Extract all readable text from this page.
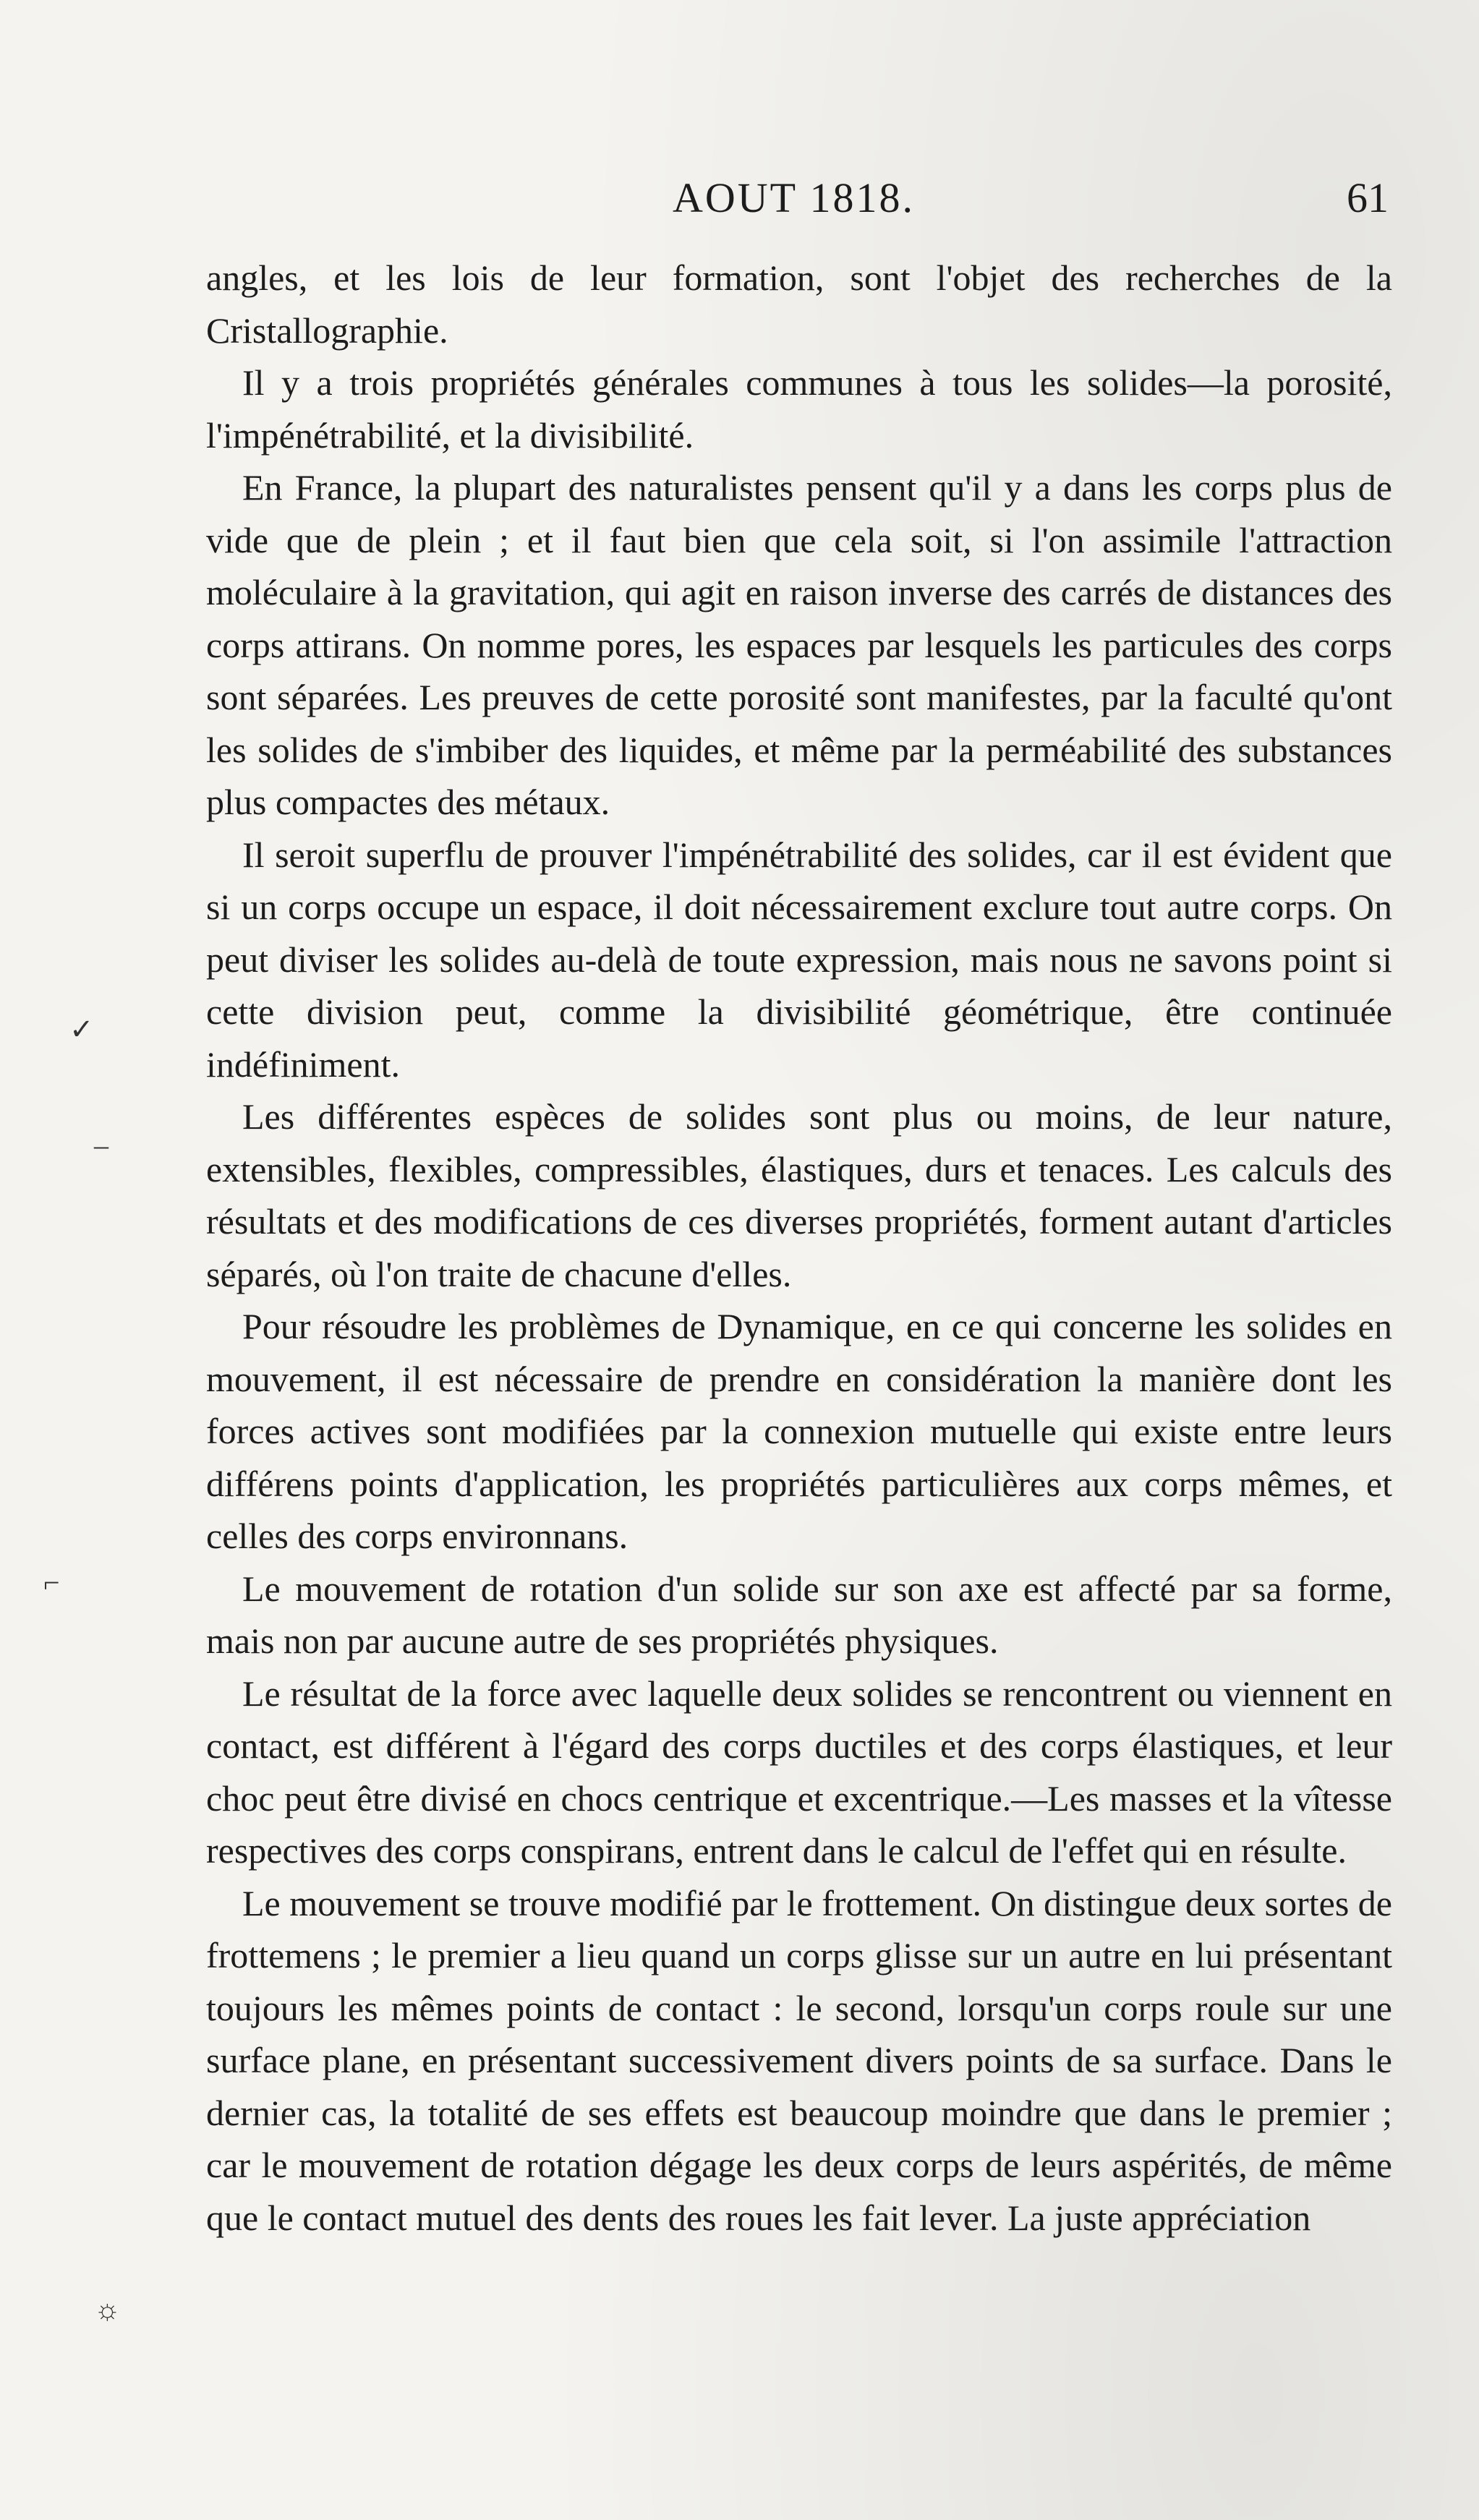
AOUT 1818.	61

angles, et les lois de leur formation, sont l'objet des recherches de la Cristallographie.

Il y a trois propriétés générales communes à tous les solides—la porosité, l'impénétrabilité, et la divisibilité.

En France, la plupart des naturalistes pensent qu'il y a dans les corps plus de vide que de plein ; et il faut bien que cela soit, si l'on assimile l'attraction moléculaire à la gravitation, qui agit en raison inverse des carrés de distances des corps attirans. On nomme pores, les espaces par lesquels les particules des corps sont séparées. Les preuves de cette porosité sont manifestes, par la faculté qu'ont les solides de s'imbiber des liquides, et même par la perméabilité des substances plus compactes des métaux.

Il seroit superflu de prouver l'impénétrabilité des solides, car il est évident que si un corps occupe un espace, il doit nécessairement exclure tout autre corps. On peut diviser les solides au-delà de toute expression, mais nous ne savons point si cette division peut, comme la divisibilité géométrique, être continuée indéfiniment.

Les différentes espèces de solides sont plus ou moins, de leur nature, extensibles, flexibles, compressibles, élastiques, durs et tenaces. Les calculs des résultats et des modifications de ces diverses propriétés, forment autant d'articles séparés, où l'on traite de chacune d'elles.

Pour résoudre les problèmes de Dynamique, en ce qui concerne les solides en mouvement, il est nécessaire de prendre en considération la manière dont les forces actives sont modifiées par la connexion mutuelle qui existe entre leurs différens points d'application, les propriétés particulières aux corps mêmes, et celles des corps environnans.

Le mouvement de rotation d'un solide sur son axe est affecté par sa forme, mais non par aucune autre de ses propriétés physiques.

Le résultat de la force avec laquelle deux solides se rencontrent ou viennent en contact, est différent à l'égard des corps ductiles et des corps élastiques, et leur choc peut être divisé en chocs centrique et excentrique.—Les masses et la vîtesse respectives des corps conspirans, entrent dans le calcul de l'effet qui en résulte.

Le mouvement se trouve modifié par le frottement. On distingue deux sortes de frottemens ; le premier a lieu quand un corps glisse sur un autre en lui présentant toujours les mêmes points de contact : le second, lorsqu'un corps roule sur une surface plane, en présentant successivement divers points de sa surface. Dans le dernier cas, la totalité de ses effets est beaucoup moindre que dans le premier ; car le mouvement de rotation dégage les deux corps de leurs aspérités, de même que le contact mutuel des dents des roues les fait lever. La juste appréciation

✓
–
⌐
☼
